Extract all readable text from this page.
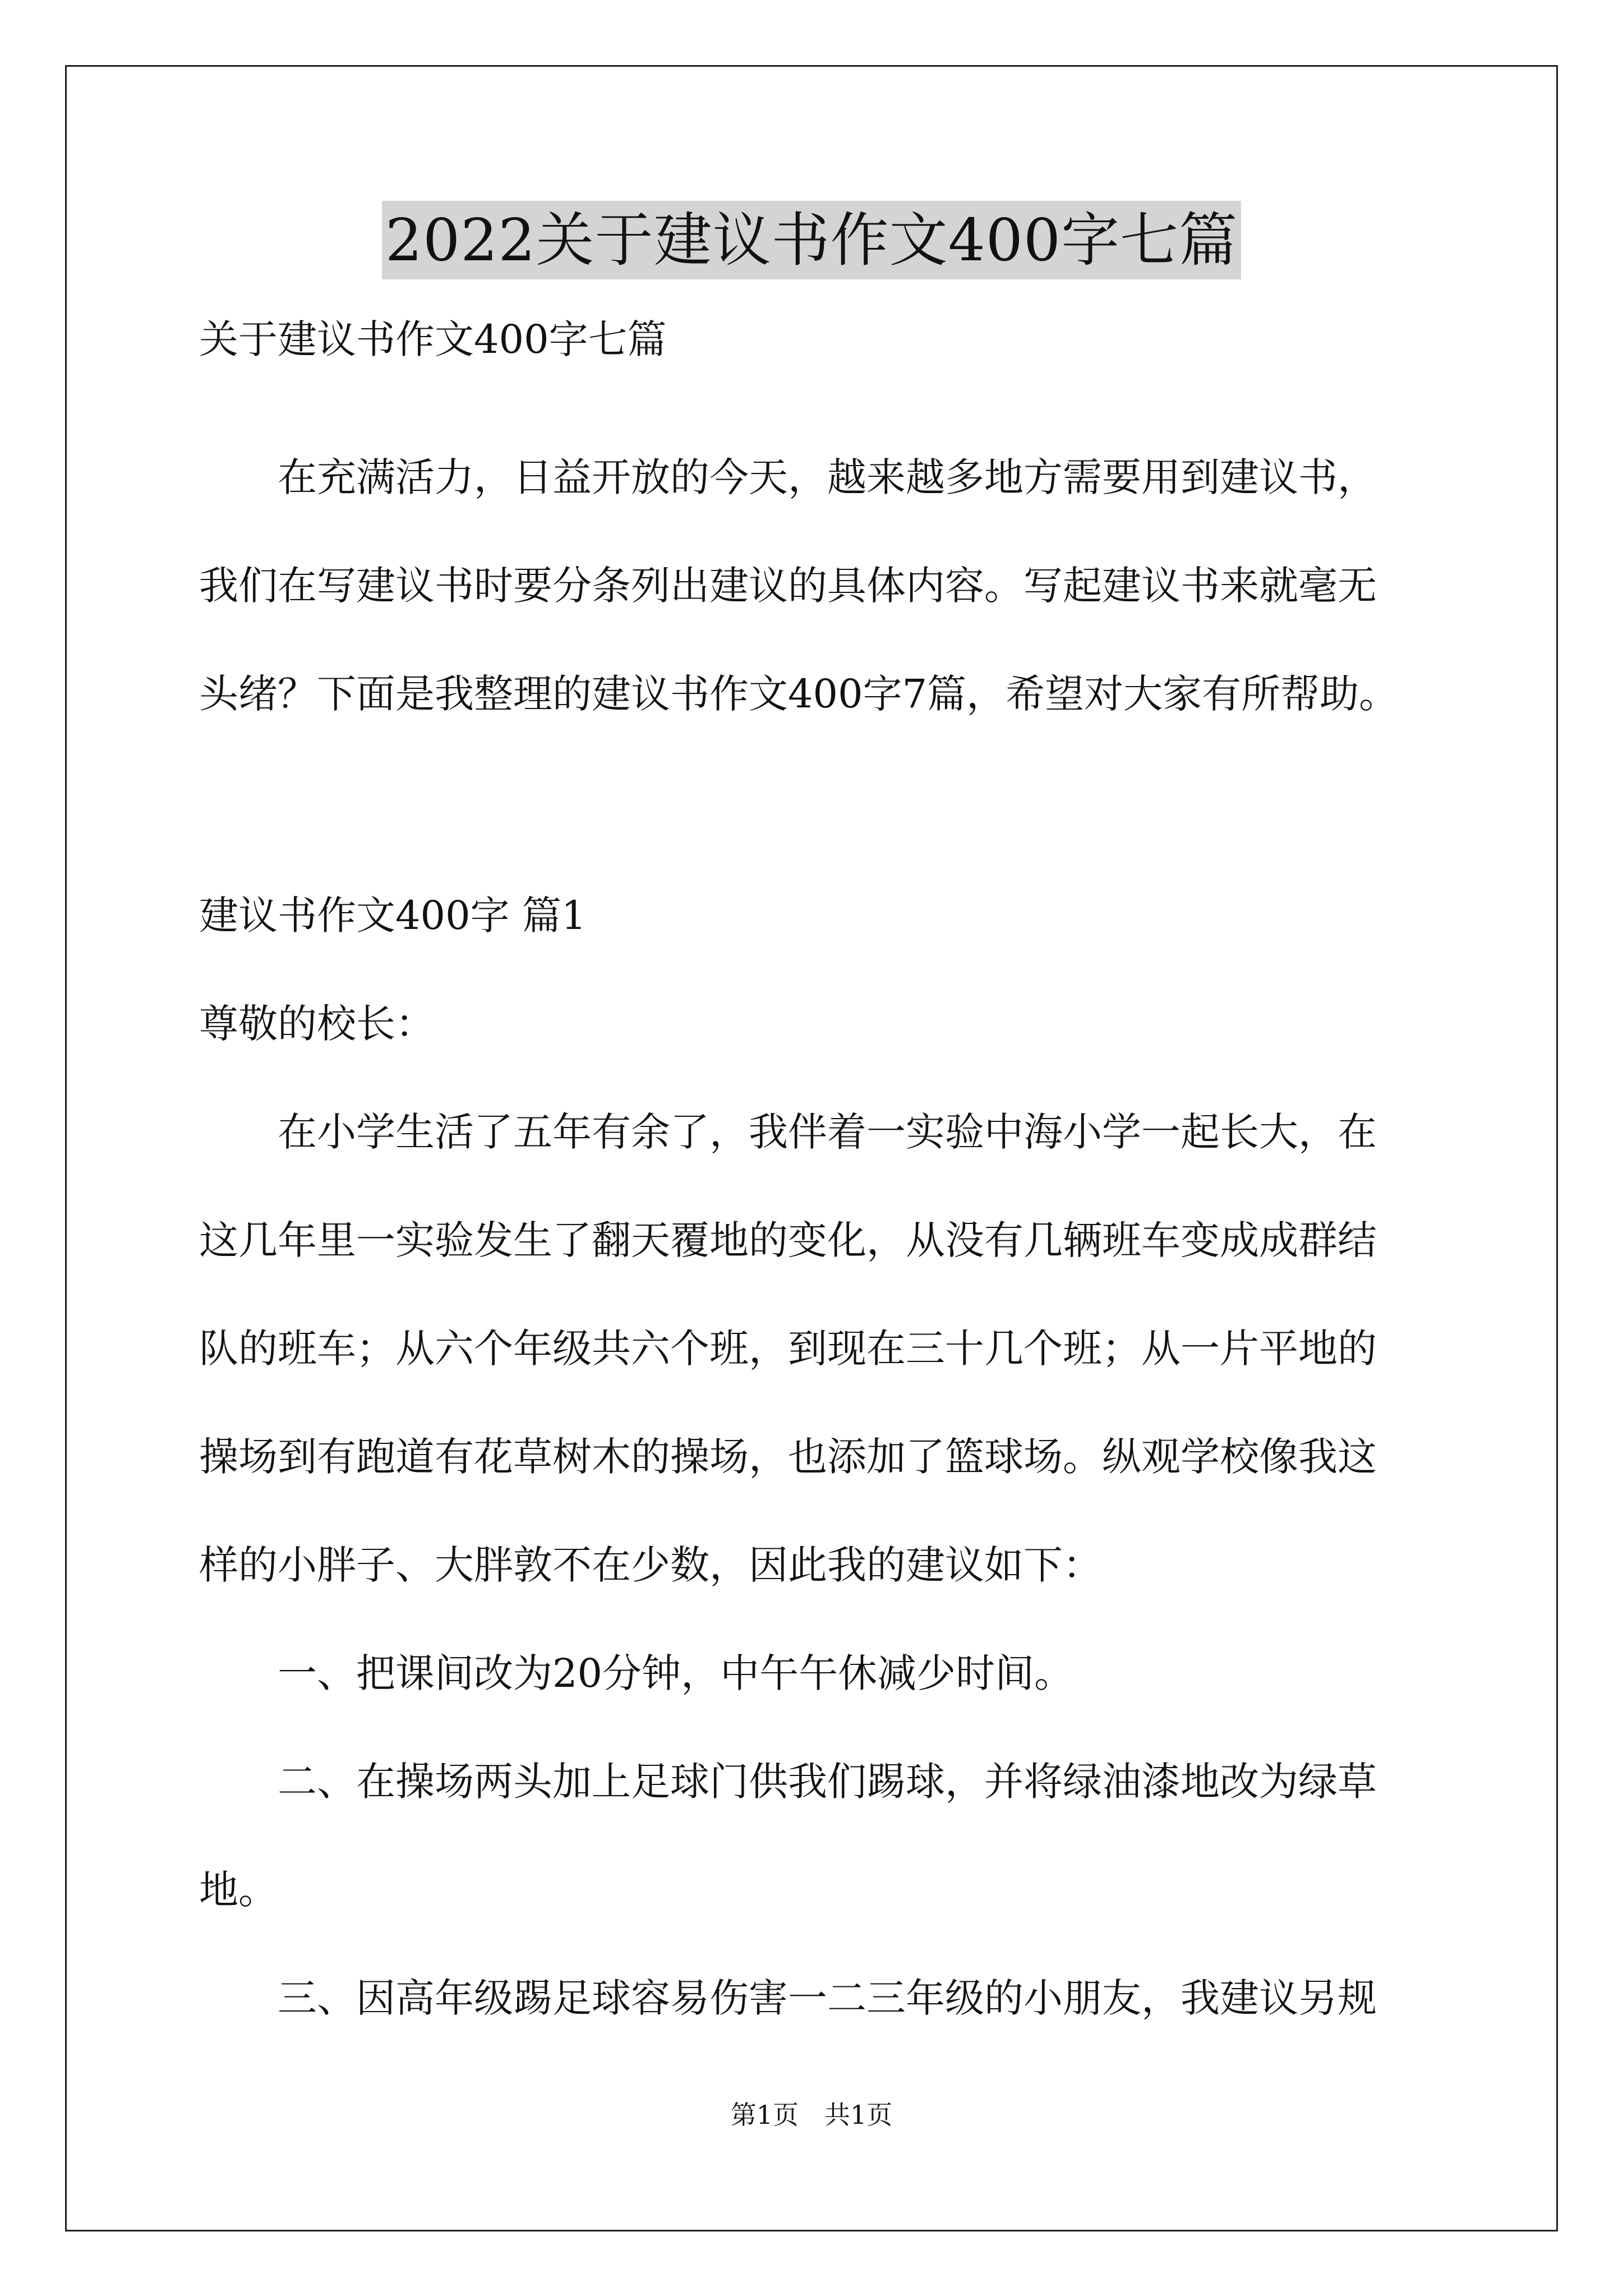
2022关于建议书作文400字七篇
关于建议书作文400字七篇
在充满活力，日益开放的今天，越来越多地方需要用到建议书，
我们在写建议书时要分条列出建议的具体内容。写起建议书来就毫无
头绪？下面是我整理的建议书作文400字7篇，希望对大家有所帮助。
建议书作文400字 篇1
尊敬的校长：
在小学生活了五年有余了，我伴着一实验中海小学一起长大，在
这几年里一实验发生了翻天覆地的变化，从没有几辆班车变成成群结
队的班车；从六个年级共六个班，到现在三十几个班；从一片平地的
操场到有跑道有花草树木的操场，也添加了篮球场。纵观学校像我这
样的小胖子、大胖敦不在少数，因此我的建议如下：
一、把课间改为20分钟，中午午休减少时间。
二、在操场两头加上足球门供我们踢球，并将绿油漆地改为绿草
地。
三、因高年级踢足球容易伤害一二三年级的小朋友，我建议另规
第1页　共1页
